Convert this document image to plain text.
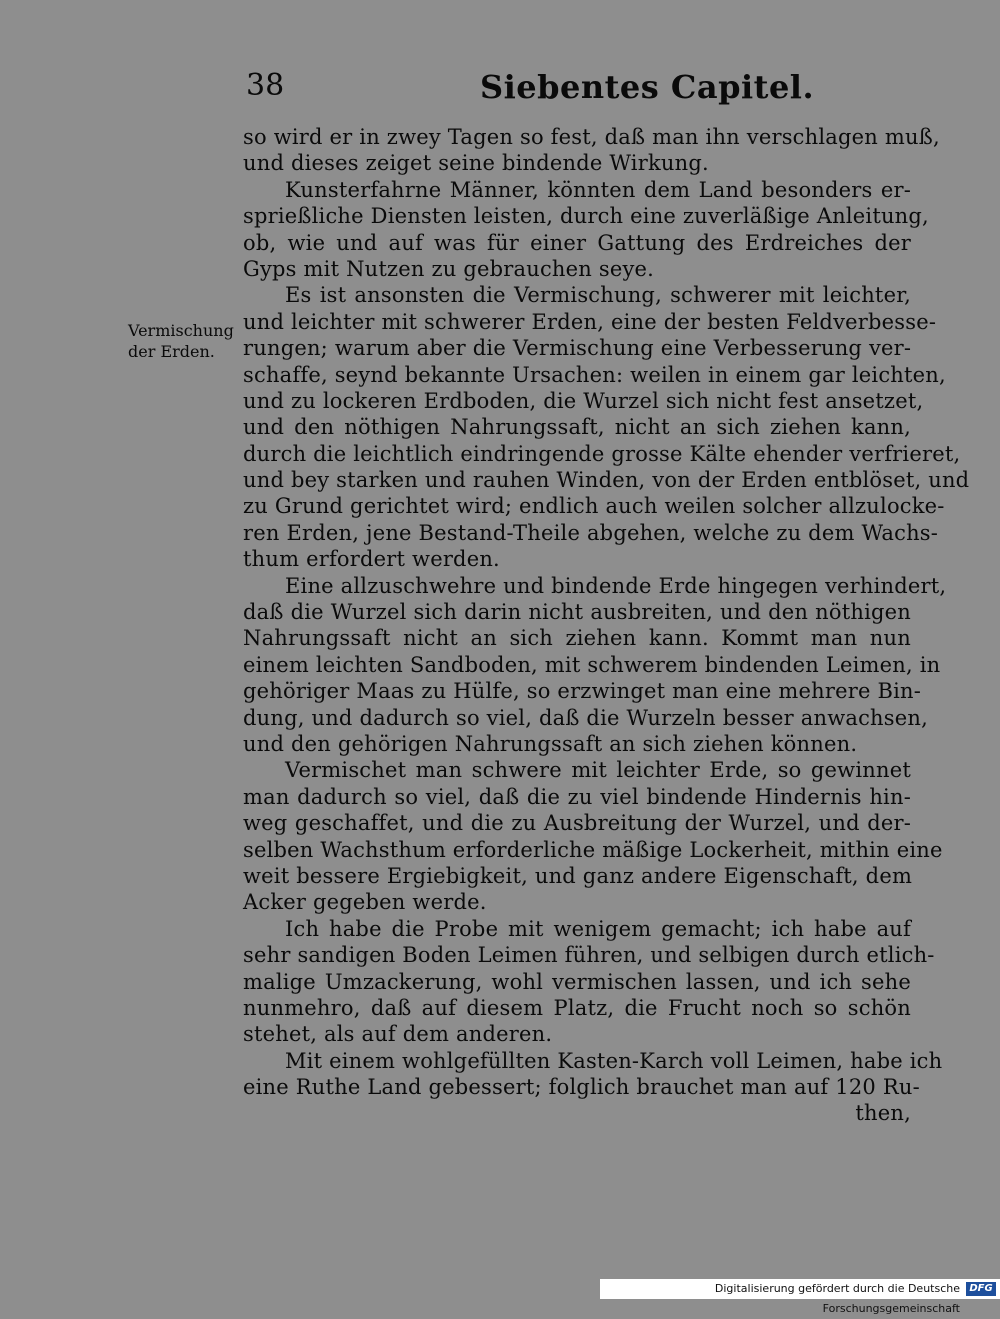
38	Siebentes Capitel.
Vermischung
der Erden.
so wird er in zwey Tagen so fest, daß man ihn verschlagen muß,
und dieses zeiget seine bindende Wirkung.
Kunsterfahrne Männer, könnten dem Land besonders er-
sprießliche Diensten leisten, durch eine zuverläßige Anleitung,
ob, wie und auf was für einer Gattung des Erdreiches der
Gyps mit Nutzen zu gebrauchen seye.
Es ist ansonsten die Vermischung, schwerer mit leichter,
und leichter mit schwerer Erden, eine der besten Feldverbesse-
rungen; warum aber die Vermischung eine Verbesserung ver-
schaffe, seynd bekannte Ursachen: weilen in einem gar leichten,
und zu lockeren Erdboden, die Wurzel sich nicht fest ansetzet,
und den nöthigen Nahrungssaft, nicht an sich ziehen kann,
durch die leichtlich eindringende grosse Kälte ehender verfrieret,
und bey starken und rauhen Winden, von der Erden entblöset, und
zu Grund gerichtet wird; endlich auch weilen solcher allzulocke-
ren Erden, jene Bestand-Theile abgehen, welche zu dem Wachs-
thum erfordert werden.
Eine allzuschwehre und bindende Erde hingegen verhindert,
daß die Wurzel sich darin nicht ausbreiten, und den nöthigen
Nahrungssaft nicht an sich ziehen kann. Kommt man nun
einem leichten Sandboden, mit schwerem bindenden Leimen, in
gehöriger Maas zu Hülfe, so erzwinget man eine mehrere Bin-
dung, und dadurch so viel, daß die Wurzeln besser anwachsen,
und den gehörigen Nahrungssaft an sich ziehen können.
Vermischet man schwere mit leichter Erde, so gewinnet
man dadurch so viel, daß die zu viel bindende Hindernis hin-
weg geschaffet, und die zu Ausbreitung der Wurzel, und der-
selben Wachsthum erforderliche mäßige Lockerheit, mithin eine
weit bessere Ergiebigkeit, und ganz andere Eigenschaft, dem
Acker gegeben werde.
Ich habe die Probe mit wenigem gemacht; ich habe auf
sehr sandigen Boden Leimen führen, und selbigen durch etlich-
malige Umzackerung, wohl vermischen lassen, und ich sehe
nunmehro, daß auf diesem Platz, die Frucht noch so schön
stehet, als auf dem anderen.
Mit einem wohlgefüllten Kasten-Karch voll Leimen, habe ich
eine Ruthe Land gebessert; folglich brauchet man auf 120 Ru-
then,
Digitalisierung gefördert durch die Deutsche Forschungsgemeinschaft
DFG
